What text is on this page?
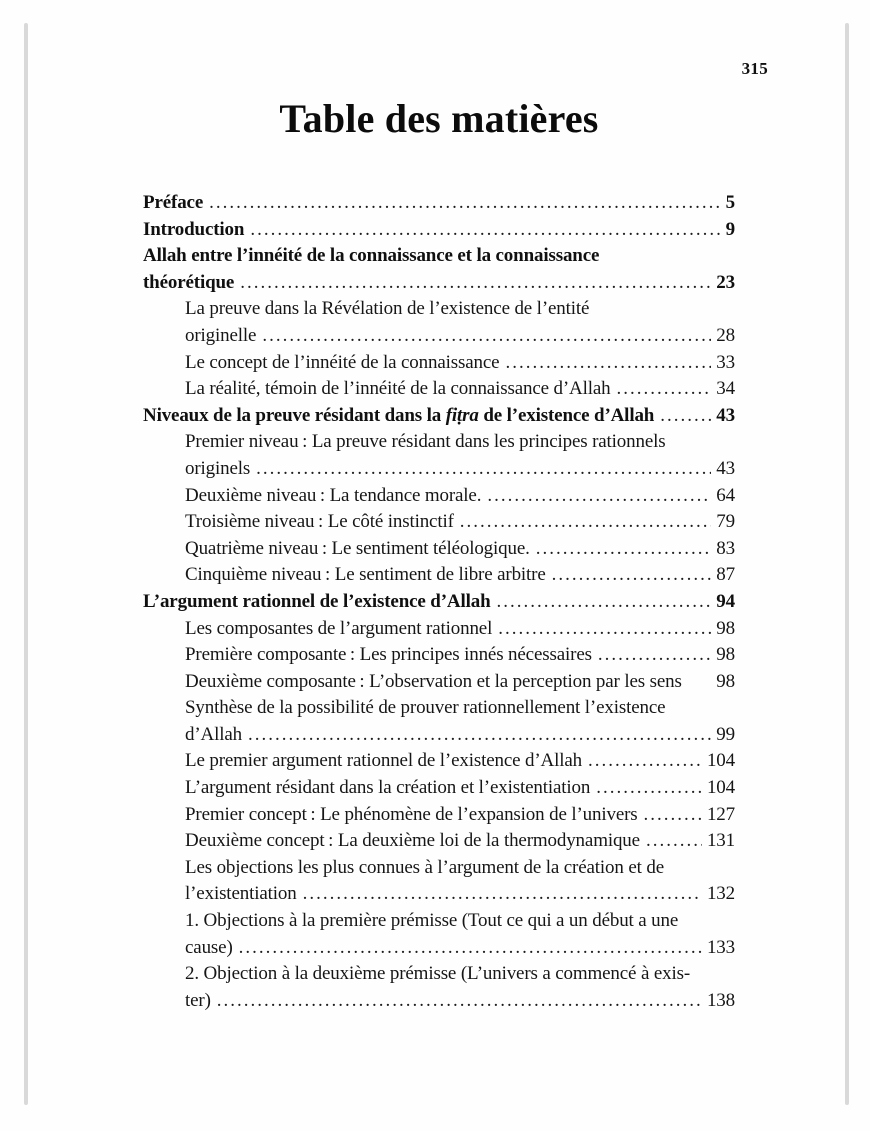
315
Table des matières
Préface .....	5
Introduction .....	9
Allah entre l’innéité de la connaissance et la connaissance
théorétique .....	23
La preuve dans la Révélation de l’existence de l’entité
originelle .....	28
Le concept de l’innéité de la connaissance .....	33
La réalité, témoin de l’innéité de la connaissance d’Allah .....	34
Niveaux de la preuve résidant dans la fiṭra de l’existence d’Allah .....	43
Premier niveau : La preuve résidant dans les principes rationnels
originels .....	43
Deuxième niveau : La tendance morale. .....	64
Troisième niveau : Le côté instinctif .....	79
Quatrième niveau : Le sentiment téléologique. .....	83
Cinquième niveau : Le sentiment de libre arbitre .....	87
L’argument rationnel de l’existence d’Allah .....	94
Les composantes de l’argument rationnel .....	98
Première composante : Les principes innés nécessaires .....	98
Deuxième composante : L’observation et la perception par les sens 98
Synthèse de la possibilité de prouver rationnellement l’existence
d’Allah .....	99
Le premier argument rationnel de l’existence d’Allah .....	104
L’argument résidant dans la création et l’existentiation .....	104
Premier concept : Le phénomène de l’expansion de l’univers .....	127
Deuxième concept : La deuxième loi de la thermodynamique .....	131
Les objections les plus connues à l’argument de la création et de
l’existentiation .....	132
1. Objections à la première prémisse (Tout ce qui a un début a une
cause) .....	133
2. Objection à la deuxième prémisse (L’univers a commencé à exis-
ter) .....	138
